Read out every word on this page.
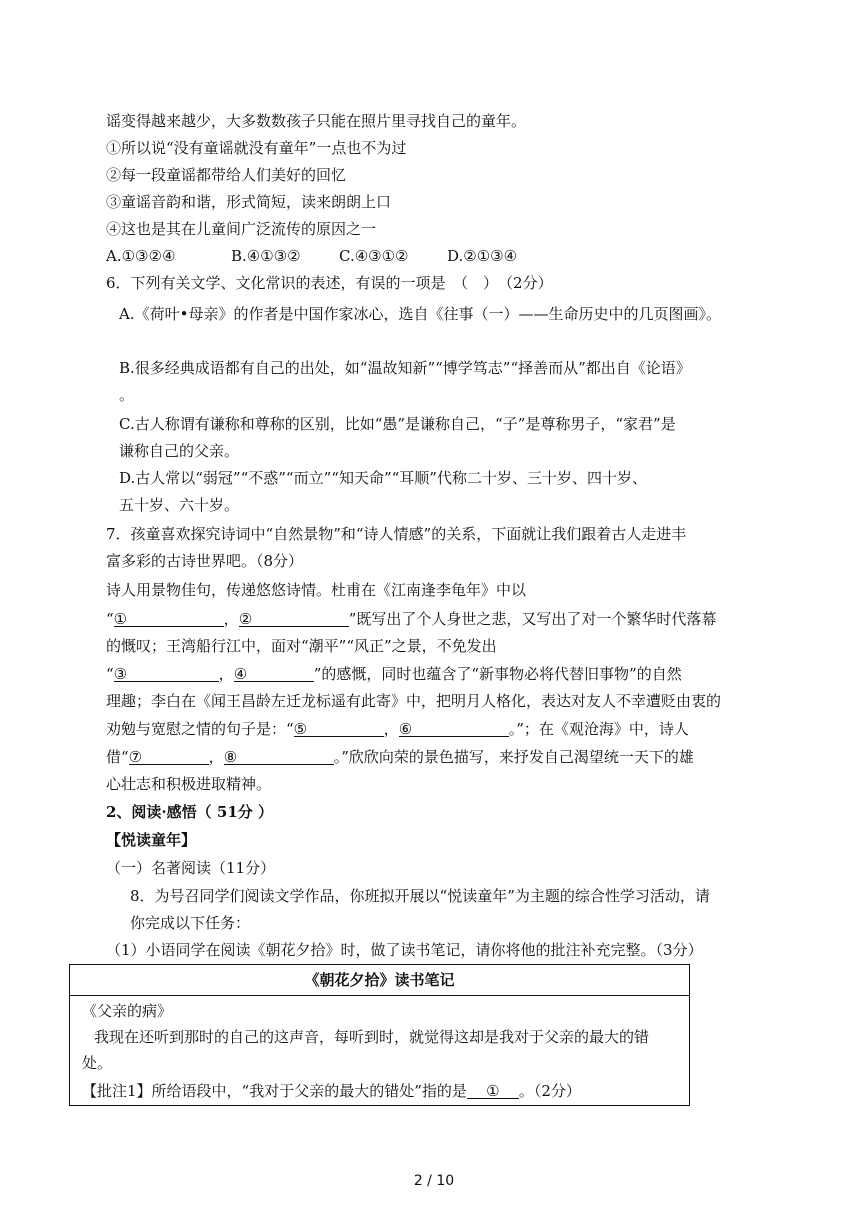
谣变得越来越少，大多数数孩子只能在照片里寻找自己的童年。
①所以说“没有童谣就没有童年”一点也不为过
②每一段童谣都带给人们美好的回忆
③童谣音韵和谐，形式简短，读来朗朗上口
④这也是其在儿童间广泛流传的原因之一
A.①③②④	B.④①③②	C.④③①②	D.②①③④
6．下列有关文学、文化常识的表述，有误的一项是　（　）　（2分）
A.《荷叶•母亲》的作者是中国作家冰心，选自《往事（一）——生命历史中的几页图画》。
B.很多经典成语都有自己的出处，如“温故知新”“博学笃志”“择善而从”都出自《论语》
。
C.古人称谓有谦称和尊称的区别，比如“愚”是谦称自己，“子”是尊称男子，“家君”是
谦称自己的父亲。
D.古人常以“弱冠”“不惑”“而立”“知天命”“耳顺”代称二十岁、三十岁、四十岁、
五十岁、六十岁。
7．孩童喜欢探究诗词中“自然景物”和“诗人情感”的关系，下面就让我们跟着古人走进丰
富多彩的古诗世界吧。（8分）
诗人用景物佳句，传递悠悠诗情。杜甫在《江南逢李龟年》中以
“①	，②	”既写出了个人身世之悲，又写出了对一个繁华时代落幕
的慨叹；王湾船行江中，面对“潮平”“风正”之景，不免发出
“③	，④	”的感慨，同时也蕴含了“新事物必将代替旧事物”的自然
理趣；李白在《闻王昌龄左迁龙标遥有此寄》中，把明月人格化，表达对友人不幸遭贬由衷的
劝勉与宽慰之情的句子是：“⑤	，⑥	。”；在《观沧海》中，诗人
借“⑦	，⑧	。”欣欣向荣的景色描写，来抒发自己渴望统一天下的雄
心壮志和积极进取精神。
2、阅读·感悟（ 51分 ）
【悦读童年】
（一）名著阅读（11分）
8．为号召同学们阅读文学作品，你班拟开展以“悦读童年”为主题的综合性学习活动，请
你完成以下任务：
（1）小语同学在阅读《朝花夕拾》时，做了读书笔记，请你将他的批注补充完整。（3分）
《朝花夕拾》读书笔记
《父亲的病》
我现在还听到那时的自己的这声音，每听到时，就觉得这却是我对于父亲的最大的错
处。
【批注1】所给语段中，“我对于父亲的最大的错处”指的是 ① 。（2分）
2 / 10
